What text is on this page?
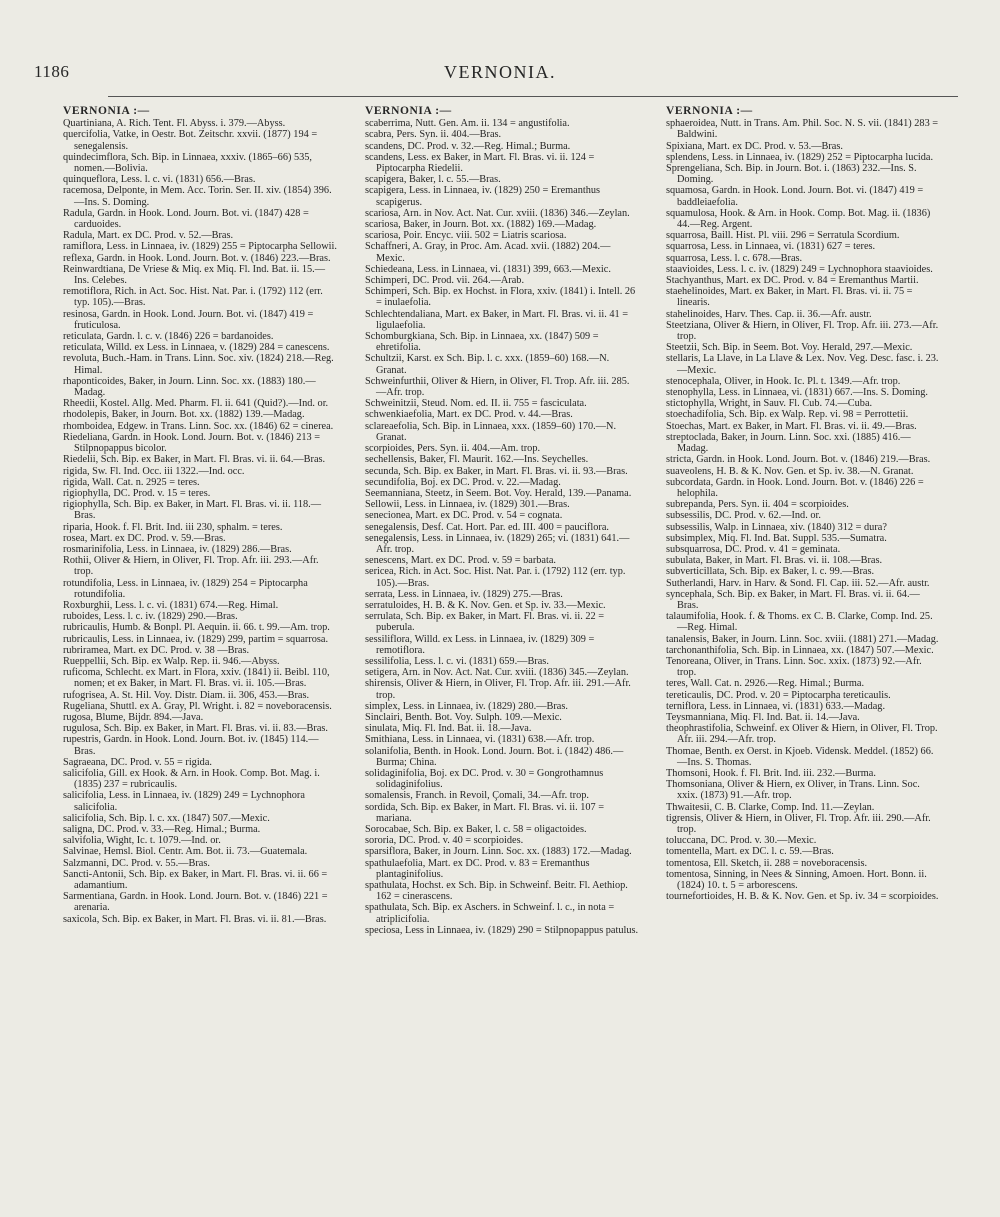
1186	VERNONIA.
VERNONIA :—

Quartiniana, A. Rich. Tent. Fl. Abyss. i. 379.—Abyss.

quercifolia, Vatke, in Oestr. Bot. Zeitschr. xxvii. (1877) 194 = senegalensis.

quindecimflora, Sch. Bip. in Linnaea, xxxiv. (1865–66) 535, nomen.—Bolivia.

quinqueflora, Less. l. c. vi. (1831) 656.—Bras.

racemosa, Delponte, in Mem. Acc. Torin. Ser. II. xiv. (1854) 396.—Ins. S. Doming.

Radula, Gardn. in Hook. Lond. Journ. Bot. vi. (1847) 428 = carduoides.

Radula, Mart. ex DC. Prod. v. 52.—Bras.

ramiflora, Less. in Linnaea, iv. (1829) 255 = Piptocarpha Sellowii.

reflexa, Gardn. in Hook. Lond. Journ. Bot. v. (1846) 223.—Bras.

Reinwardtiana, De Vriese & Miq. ex Miq. Fl. Ind. Bat. ii. 15.—Ins. Celebes.

remotiflora, Rich. in Act. Soc. Hist. Nat. Par. i. (1792) 112 (err. typ. 105).—Bras.

resinosa, Gardn. in Hook. Lond. Journ. Bot. vi. (1847) 419 = fruticulosa.

reticulata, Gardn. l. c. v. (1846) 226 = bardanoides.

reticulata, Willd. ex Less. in Linnaea, v. (1829) 284 = canescens.

revoluta, Buch.-Ham. in Trans. Linn. Soc. xiv. (1824) 218.—Reg. Himal.

rhaponticoides, Baker, in Journ. Linn. Soc. xx. (1883) 180.—Madag.

Rheedii, Kostel. Allg. Med. Pharm. Fl. ii. 641 (Quid?).—Ind. or.

rhodolepis, Baker, in Journ. Bot. xx. (1882) 139.—Madag.

rhomboidea, Edgew. in Trans. Linn. Soc. xx. (1846) 62 = cinerea.

Riedeliana, Gardn. in Hook. Lond. Journ. Bot. v. (1846) 213 = Stilpnopappus bicolor.

Riedelii, Sch. Bip. ex Baker, in Mart. Fl. Bras. vi. ii. 64.—Bras.

rigida, Sw. Fl. Ind. Occ. iii 1322.—Ind. occ.

rigida, Wall. Cat. n. 2925 = teres.

rigiophylla, DC. Prod. v. 15 = teres.

rigiophylla, Sch. Bip. ex Baker, in Mart. Fl. Bras. vi. ii. 118.—Bras.

riparia, Hook. f. Fl. Brit. Ind. iii 230, sphalm. = teres.

rosea, Mart. ex DC. Prod. v. 59.—Bras.

rosmarinifolia, Less. in Linnaea, iv. (1829) 286.—Bras.

Rothii, Oliver & Hiern, in Oliver, Fl. Trop. Afr. iii. 293.—Afr. trop.

rotundifolia, Less. in Linnaea, iv. (1829) 254 = Piptocarpha rotundifolia.

Roxburghii, Less. l. c. vi. (1831) 674.—Reg. Himal.

ruboides, Less. l. c. iv. (1829) 290.—Bras.

rubricaulis, Humb. & Bonpl. Pl. Aequin. ii. 66. t. 99.—Am. trop.

rubricaulis, Less. in Linnaea, iv. (1829) 299, partim = squarrosa.

rubriramea, Mart. ex DC. Prod. v. 38 —Bras.

Rueppellii, Sch. Bip. ex Walp. Rep. ii. 946.—Abyss.

ruficoma, Schlecht. ex Mart. in Flora, xxiv. (1841) ii. Beibl. 110, nomen; et ex Baker, in Mart. Fl. Bras. vi. ii. 105.—Bras.

rufogrisea, A. St. Hil. Voy. Distr. Diam. ii. 306, 453.—Bras.

Rugeliana, Shuttl. ex A. Gray, Pl. Wright. i. 82 = noveboracensis.

rugosa, Blume, Bijdr. 894.—Java.

rugulosa, Sch. Bip. ex Baker, in Mart. Fl. Bras. vi. ii. 83.—Bras.

rupestris, Gardn. in Hook. Lond. Journ. Bot. iv. (1845) 114.—Bras.

Sagraeana, DC. Prod. v. 55 = rigida.

salicifolia, Gill. ex Hook. & Arn. in Hook. Comp. Bot. Mag. i. (1835) 237 = rubricaulis.

salicifolia, Less. in Linnaea, iv. (1829) 249 = Lychnophora salicifolia.

salicifolia, Sch. Bip. l. c. xx. (1847) 507.—Mexic.

saligna, DC. Prod. v. 33.—Reg. Himal.; Burma.

salvifolia, Wight, Ic. t. 1079.—Ind. or.

Salvinae, Hemsl. Biol. Centr. Am. Bot. ii. 73.—Guatemala.

Salzmanni, DC. Prod. v. 55.—Bras.

Sancti-Antonii, Sch. Bip. ex Baker, in Mart. Fl. Bras. vi. ii. 66 = adamantium.

Sarmentiana, Gardn. in Hook. Lond. Journ. Bot. v. (1846) 221 = arenaria.

saxicola, Sch. Bip. ex Baker, in Mart. Fl. Bras. vi. ii. 81.—Bras.

VERNONIA :—

scaberrima, Nutt. Gen. Am. ii. 134 = angustifolia.

scabra, Pers. Syn. ii. 404.—Bras.

scandens, DC. Prod. v. 32.—Reg. Himal.; Burma.

scandens, Less. ex Baker, in Mart. Fl. Bras. vi. ii. 124 = Piptocarpha Riedelii.

scapigera, Baker, l. c. 55.—Bras.

scapigera, Less. in Linnaea, iv. (1829) 250 = Eremanthus scapigerus.

scariosa, Arn. in Nov. Act. Nat. Cur. xviii. (1836) 346.—Zeylan.

scariosa, Baker, in Journ. Bot. xx. (1882) 169.—Madag.

scariosa, Poir. Encyc. viii. 502 = Liatris scariosa.

Schaffneri, A. Gray, in Proc. Am. Acad. xvii. (1882) 204.—Mexic.

Schiedeana, Less. in Linnaea, vi. (1831) 399, 663.—Mexic.

Schimperi, DC. Prod. vii. 264.—Arab.

Schimperi, Sch. Bip. ex Hochst. in Flora, xxiv. (1841) i. Intell. 26 = inulaefolia.

Schlechtendaliana, Mart. ex Baker, in Mart. Fl. Bras. vi. ii. 41 = ligulaefolia.

Schomburgkiana, Sch. Bip. in Linnaea, xx. (1847) 509 = ehretifolia.

Schultzii, Karst. ex Sch. Bip. l. c. xxx. (1859–60) 168.—N. Granat.

Schweinfurthii, Oliver & Hiern, in Oliver, Fl. Trop. Afr. iii. 285.—Afr. trop.

Schweinitzii, Steud. Nom. ed. II. ii. 755 = fasciculata.

schwenkiaefolia, Mart. ex DC. Prod. v. 44.—Bras.

sclareaefolia, Sch. Bip. in Linnaea, xxx. (1859–60) 170.—N. Granat.

scorpioides, Pers. Syn. ii. 404.—Am. trop.

sechellensis, Baker, Fl. Maurit. 162.—Ins. Seychelles.

secunda, Sch. Bip. ex Baker, in Mart. Fl. Bras. vi. ii. 93.—Bras.

secundifolia, Boj. ex DC. Prod. v. 22.—Madag.

Seemanniana, Steetz, in Seem. Bot. Voy. Herald, 139.—Panama.

Sellowii, Less. in Linnaea, iv. (1829) 301.—Bras.

senecionea, Mart. ex DC. Prod. v. 54 = cognata.

senegalensis, Desf. Cat. Hort. Par. ed. III. 400 = pauciflora.

senegalensis, Less. in Linnaea, iv. (1829) 265; vi. (1831) 641.—Afr. trop.

senescens, Mart. ex DC. Prod. v. 59 = barbata.

sericea, Rich. in Act. Soc. Hist. Nat. Par. i. (1792) 112 (err. typ. 105).—Bras.

serrata, Less. in Linnaea, iv. (1829) 275.—Bras.

serratuloides, H. B. & K. Nov. Gen. et Sp. iv. 33.—Mexic.

serrulata, Sch. Bip. ex Baker, in Mart. Fl. Bras. vi. ii. 22 = puberula.

sessiliflora, Willd. ex Less. in Linnaea, iv. (1829) 309 = remotiflora.

sessilifolia, Less. l. c. vi. (1831) 659.—Bras.

setigera, Arn. in Nov. Act. Nat. Cur. xviii. (1836) 345.—Zeylan.

shirensis, Oliver & Hiern, in Oliver, Fl. Trop. Afr. iii. 291.—Afr. trop.

simplex, Less. in Linnaea, iv. (1829) 280.—Bras.

Sinclairi, Benth. Bot. Voy. Sulph. 109.—Mexic.

sinulata, Miq. Fl. Ind. Bat. ii. 18.—Java.

Smithiana, Less. in Linnaea, vi. (1831) 638.—Afr. trop.

solanifolia, Benth. in Hook. Lond. Journ. Bot. i. (1842) 486.—Burma; China.

solidaginifolia, Boj. ex DC. Prod. v. 30 = Gongrothamnus solidaginifolius.

somalensis, Franch. in Revoil, Çomali, 34.—Afr. trop.

sordida, Sch. Bip. ex Baker, in Mart. Fl. Bras. vi. ii. 107 = mariana.

Sorocabae, Sch. Bip. ex Baker, l. c. 58 = oligactoides.

sororia, DC. Prod. v. 40 = scorpioides.

sparsiflora, Baker, in Journ. Linn. Soc. xx. (1883) 172.—Madag.

spathulaefolia, Mart. ex DC. Prod. v. 83 = Eremanthus plantaginifolius.

spathulata, Hochst. ex Sch. Bip. in Schweinf. Beitr. Fl. Aethiop. 162 = cinerascens.

spathulata, Sch. Bip. ex Aschers. in Schweinf. l. c., in nota = atriplicifolia.

speciosa, Less in Linnaea, iv. (1829) 290 = Stilpnopappus patulus.

VERNONIA :—

sphaeroidea, Nutt. in Trans. Am. Phil. Soc. N. S. vii. (1841) 283 = Baldwini.

Spixiana, Mart. ex DC. Prod. v. 53.—Bras.

splendens, Less. in Linnaea, iv. (1829) 252 = Piptocarpha lucida.

Sprengeliana, Sch. Bip. in Journ. Bot. i. (1863) 232.—Ins. S. Doming.

squamosa, Gardn. in Hook. Lond. Journ. Bot. vi. (1847) 419 = baddleiaefolia.

squamulosa, Hook. & Arn. in Hook. Comp. Bot. Mag. ii. (1836) 44.—Reg. Argent.

squarrosa, Baill. Hist. Pl. viii. 296 = Serratula Scordium.

squarrosa, Less. in Linnaea, vi. (1831) 627 = teres.

squarrosa, Less. l. c. 678.—Bras.

staavioides, Less. l. c. iv. (1829) 249 = Lychnophora staavioides.

Stachyanthus, Mart. ex DC. Prod. v. 84 = Eremanthus Martii.

staehelinoides, Mart. ex Baker, in Mart. Fl. Bras. vi. ii. 75 = linearis.

stahelinoides, Harv. Thes. Cap. ii. 36.—Afr. austr.

Steetziana, Oliver & Hiern, in Oliver, Fl. Trop. Afr. iii. 273.—Afr. trop.

Steetzii, Sch. Bip. in Seem. Bot. Voy. Herald, 297.—Mexic.

stellaris, La Llave, in La Llave & Lex. Nov. Veg. Desc. fasc. i. 23.—Mexic.

stenocephala, Oliver, in Hook. Ic. Pl. t. 1349.—Afr. trop.

stenophylla, Less. in Linnaea, vi. (1831) 667.—Ins. S. Doming.

stictophylla, Wright, in Sauv. Fl. Cub. 74.—Cuba.

stoechadifolia, Sch. Bip. ex Walp. Rep. vi. 98 = Perrottetii.

Stoechas, Mart. ex Baker, in Mart. Fl. Bras. vi. ii. 49.—Bras.

streptoclada, Baker, in Journ. Linn. Soc. xxi. (1885) 416.—Madag.

stricta, Gardn. in Hook. Lond. Journ. Bot. v. (1846) 219.—Bras.

suaveolens, H. B. & K. Nov. Gen. et Sp. iv. 38.—N. Granat.

subcordata, Gardn. in Hook. Lond. Journ. Bot. v. (1846) 226 = helophila.

subrepanda, Pers. Syn. ii. 404 = scorpioides.

subsessilis, DC. Prod. v. 62.—Ind. or.

subsessilis, Walp. in Linnaea, xiv. (1840) 312 = dura?

subsimplex, Miq. Fl. Ind. Bat. Suppl. 535.—Sumatra.

subsquarrosa, DC. Prod. v. 41 = geminata.

subulata, Baker, in Mart. Fl. Bras. vi. ii. 108.—Bras.

subverticillata, Sch. Bip. ex Baker, l. c. 99.—Bras.

Sutherlandi, Harv. in Harv. & Sond. Fl. Cap. iii. 52.—Afr. austr.

syncephala, Sch. Bip. ex Baker, in Mart. Fl. Bras. vi. ii. 64.—Bras.

talaumifolia, Hook. f. & Thoms. ex C. B. Clarke, Comp. Ind. 25.—Reg. Himal.

tanalensis, Baker, in Journ. Linn. Soc. xviii. (1881) 271.—Madag.

tarchonanthifolia, Sch. Bip. in Linnaea, xx. (1847) 507.—Mexic.

Tenoreana, Oliver, in Trans. Linn. Soc. xxix. (1873) 92.—Afr. trop.

teres, Wall. Cat. n. 2926.—Reg. Himal.; Burma.

tereticaulis, DC. Prod. v. 20 = Piptocarpha tereticaulis.

terniflora, Less. in Linnaea, vi. (1831) 633.—Madag.

Teysmanniana, Miq. Fl. Ind. Bat. ii. 14.—Java.

theophrastifolia, Schweinf. ex Oliver & Hiern, in Oliver, Fl. Trop. Afr. iii. 294.—Afr. trop.

Thomae, Benth. ex Oerst. in Kjoeb. Vidensk. Meddel. (1852) 66.—Ins. S. Thomas.

Thomsoni, Hook. f. Fl. Brit. Ind. iii. 232.—Burma.

Thomsoniana, Oliver & Hiern, ex Oliver, in Trans. Linn. Soc. xxix. (1873) 91.—Afr. trop.

Thwaitesii, C. B. Clarke, Comp. Ind. 11.—Zeylan.

tigrensis, Oliver & Hiern, in Oliver, Fl. Trop. Afr. iii. 290.—Afr. trop.

toluccana, DC. Prod. v. 30.—Mexic.

tomentella, Mart. ex DC. l. c. 59.—Bras.

tomentosa, Ell. Sketch, ii. 288 = noveboracensis.

tomentosa, Sinning, in Nees & Sinning, Amoen. Hort. Bonn. ii. (1824) 10. t. 5 = arborescens.

tournefortioides, H. B. & K. Nov. Gen. et Sp. iv. 34 = scorpioides.
